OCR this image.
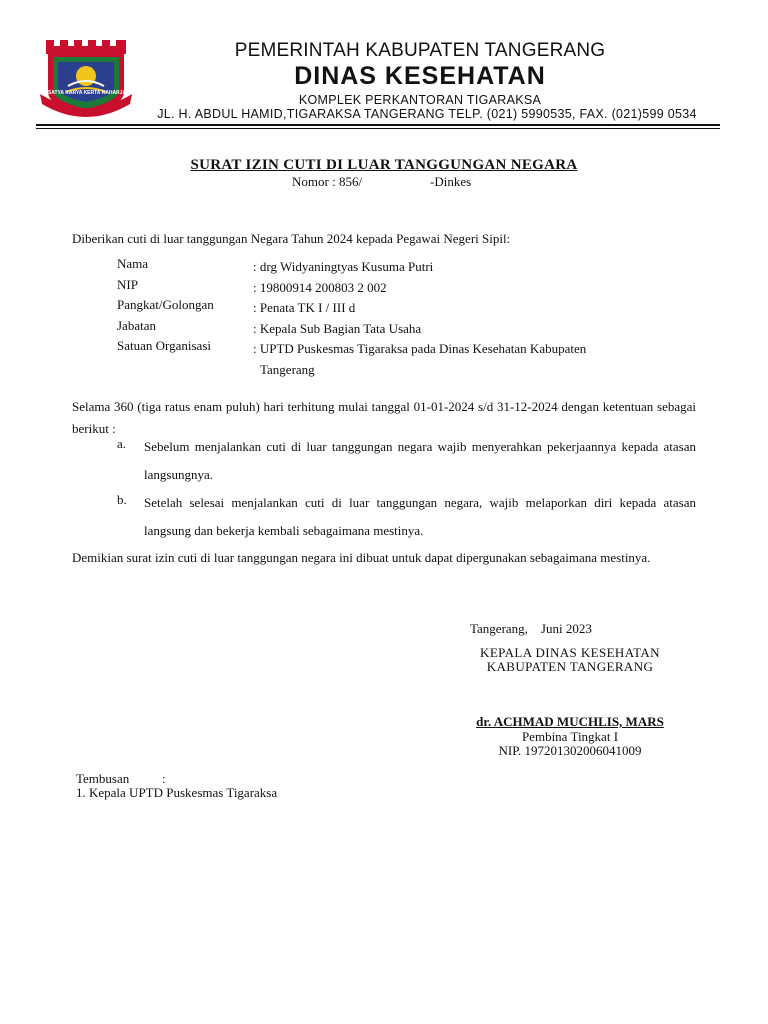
SATYA KARYA KERTA RAHARJA
PEMERINTAH KABUPATEN TANGERANG
DINAS KESEHATAN
KOMPLEK PERKANTORAN TIGARAKSA
JL. H. ABDUL HAMID,TIGARAKSA TANGERANG TELP. (021) 5990535, FAX. (021)599 0534
SURAT IZIN CUTI DI LUAR TANGGUNGAN NEGARA
Nomor : 856/	-Dinkes
Diberikan cuti di luar tanggungan Negara Tahun 2024 kepada Pegawai Negeri Sipil:
Nama	: drg Widyaningtyas Kusuma Putri
NIP	: 19800914 200803 2 002
Pangkat/Golongan	: Penata TK I / III d
Jabatan	: Kepala Sub Bagian Tata Usaha
Satuan Organisasi	: UPTD Puskesmas Tigaraksa pada Dinas Kesehatan Kabupaten
Tangerang
Selama 360 (tiga ratus enam puluh) hari terhitung mulai tanggal 01-01-2024 s/d 31-12-2024 dengan ketentuan sebagai berikut :
a. Sebelum menjalankan cuti di luar tanggungan negara wajib menyerahkan pekerjaannya kepada atasan langsungnya.
b. Setelah selesai menjalankan cuti di luar tanggungan negara, wajib melaporkan diri kepada atasan langsung dan bekerja kembali sebagaimana mestinya.
Demikian surat izin cuti di luar tanggungan negara ini dibuat untuk dapat dipergunakan sebagaimana mestinya.
Tangerang,    Juni 2023
KEPALA DINAS KESEHATAN
KABUPATEN TANGERANG
dr. ACHMAD MUCHLIS, MARS
Pembina Tingkat I
NIP. 197201302006041009
Tembusan	:
1. Kepala UPTD Puskesmas Tigaraksa
